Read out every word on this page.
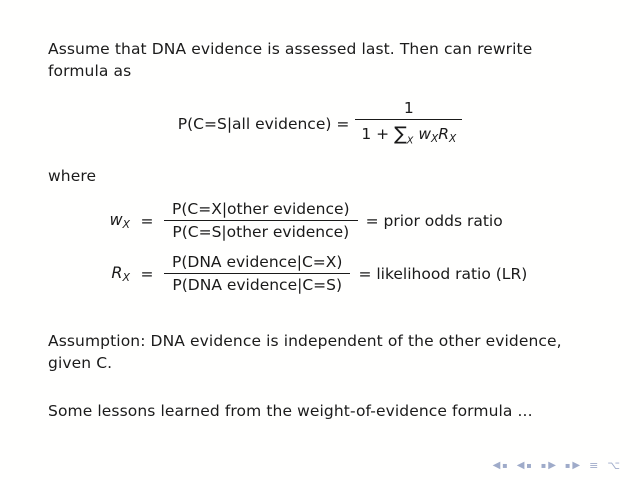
Assume that DNA evidence is assessed last. Then can rewrite
formula as
P(C=S|all evidence) = $\frac{1}{1 + \sum_X w_XR_X}$
where
$w_X = \frac{\text{P(C=X|other evidence)}}{\text{P(C=S|other evidence)}}$ = prior odds ratio
$R_X = \frac{\text{P(DNA evidence|C=X)}}{\text{P(DNA evidence|C=S)}}$ = likelihood ratio (LR)
Assumption: DNA evidence is independent of the other evidence, given C.
Some lessons learned from the weight-of-evidence formula ...
◀ ▪ ◀ ▪ ▪ ▶ ▪ ▶ ≡ ⌥
